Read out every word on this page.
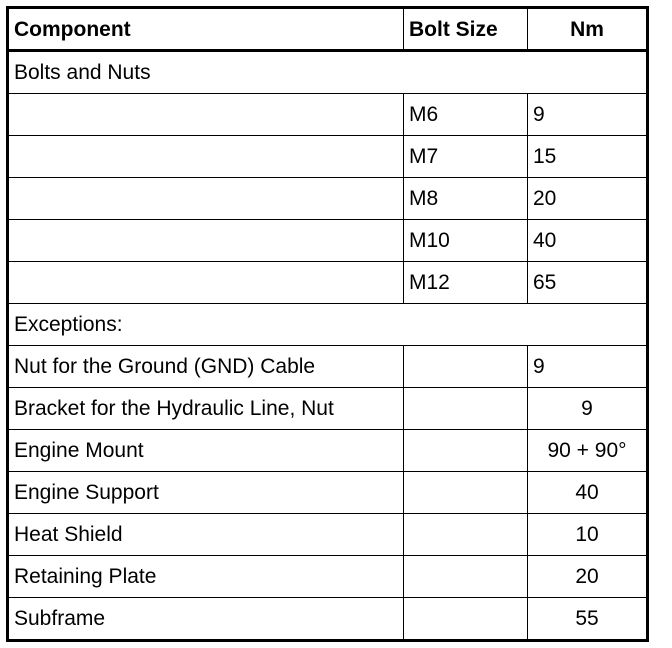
Component	Bolt Size	Nm
Bolts and Nuts		
	M6	9
	M7	15
	M8	20
	M10	40
	M12	65
Exceptions:		
Nut for the Ground (GND) Cable		9
Bracket for the Hydraulic Line, Nut		9
Engine Mount		90 + 90°
Engine Support		40
Heat Shield		10
Retaining Plate		20
Subframe		55
